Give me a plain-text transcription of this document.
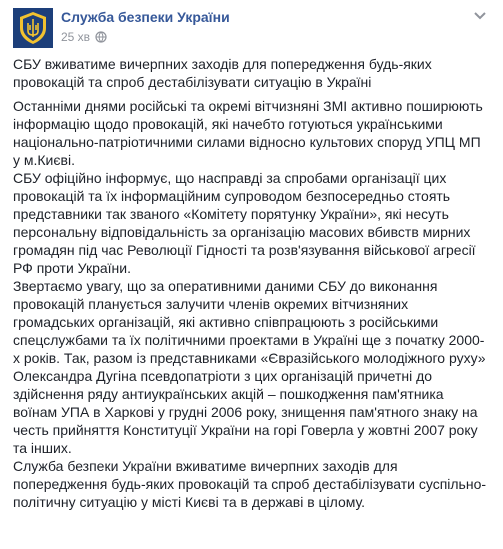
Служба безпеки України
25 хв

СБУ вживатиме вичерпних заходів для попередження будь-яких

провокацій та спроб дестабілізувати ситуацію в Україні

Останніми днями російські та окремі вітчизняні ЗМІ активно поширюють

інформацію щодо провокацій, які начебто готуються українськими

національно-патріотичними силами відносно культових споруд УПЦ МП

у м.Києві.

СБУ офіційно інформує, що насправді за спробами організації цих

провокацій та їх інформаційним супроводом безпосередньо стоять

представники так званого «Комітету порятунку України», які несуть

персональну відповідальність за організацію масових вбивств мирних

громадян під час Революції Гідності та розв'язування військової агресії

РФ проти України.

Звертаємо увагу, що за оперативними даними СБУ до виконання

провокацій планується залучити членів окремих вітчизняних

громадських організацій, які активно співпрацюють з російськими

спецслужбами та їх політичними проектами в Україні ще з початку 2000-

х років. Так, разом із представниками «Євразійського молодіжного руху»

Олександра Дугіна псевдопатріоти з цих організацій причетні до

здійснення ряду антиукраїнських акцій – пошкодження пам'ятника

воїнам УПА в Харкові у грудні 2006 року, знищення пам'ятного знаку на

честь прийняття Конституції України на горі Говерла у жовтні 2007 року

та інших.

Служба безпеки України вживатиме вичерпних заходів для

попередження будь-яких провокацій та спроб дестабілізувати суспільно-

політичну ситуацію у місті Києві та в державі в цілому.
